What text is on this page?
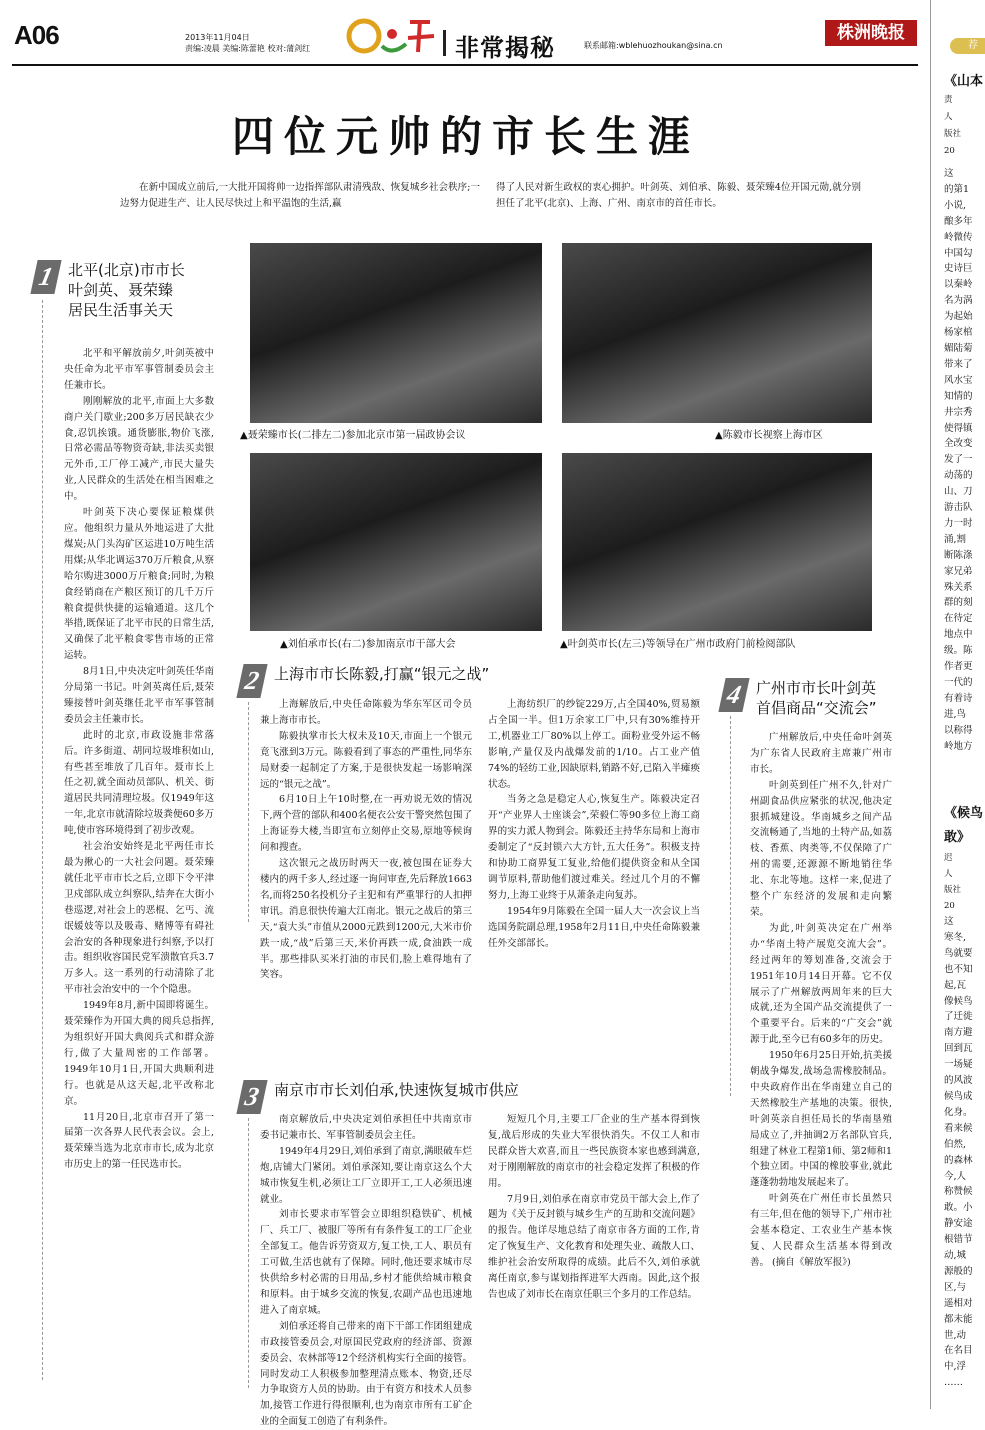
A06	2013年11月04日
责编:凌晨 美编:陈蕾艳 校对:蒲剑红	非常揭秘	联系邮箱:wblehuozhoukan@sina.cn
株洲晚报
四位元帅的市长生涯

在新中国成立前后,一大批开国将帅一边指挥部队肃清残敌、恢复城乡社会秩序;一边努力促进生产、让人民尽快过上和平温饱的生活,赢

得了人民对新生政权的衷心拥护。叶剑英、刘伯承、陈毅、聂荣臻4位开国元勋,就分别担任了北平(北京)、上海、广州、南京市的首任市长。

1 北平(北京)市市长
叶剑英、聂荣臻
居民生活事关天

北平和平解放前夕,叶剑英被中央任命为北平市军事管制委员会主任兼市长。

刚刚解放的北平,市面上大多数商户关门歇业;200多万居民缺衣少食,忍饥挨饿。通货膨胀,物价飞涨,日常必需品等物资奇缺,非法买卖银元外币,工厂停工减产,市民大量失业,人民群众的生活处在相当困难之中。

叶剑英下决心要保证粮煤供应。他组织力量从外地运进了大批煤炭;从门头沟矿区运进10万吨生活用煤;从华北调运370万斤粮食,从察哈尔购进3000万斤粮食;同时,为粮食经销商在产粮区预订的几千万斤粮食提供快捷的运输通道。这几个举措,既保证了北平市民的日常生活,又确保了北平粮食零售市场的正常运转。

8月1日,中央决定叶剑英任华南分局第一书记。叶剑英离任后,聂荣臻接替叶剑英继任北平市军事管制委员会主任兼市长。

此时的北京,市政设施非常落后。许多街道、胡同垃圾堆积如山,有些甚至堆放了几百年。聂市长上任之初,就全面动员部队、机关、街道居民共同清理垃圾。仅1949年这一年,北京市就清除垃圾粪便60多万吨,使市容环境得到了初步改观。

社会治安始终是北平两任市长最为揪心的一大社会问题。聂荣臻就任北平市市长之后,立即下令平津卫戍部队成立纠察队,结奔在大街小巷巡逻,对社会上的恶棍、乞丐、流氓媛妓等以及吸毒、赌博等有碍社会治安的各种现象进行纠察,予以打击。组织收容国民党军溃散官兵3.7万多人。这一系列的行动清除了北平市社会治安中的一个个隐患。

1949年8月,新中国即将诞生。聂荣臻作为开国大典的阅兵总指挥,为组织好开国大典阅兵式和群众游行,做了大量周密的工作部署。1949年10月1日,开国大典顺利进行。也就是从这天起,北平改称北京。

11月20日,北京市召开了第一届第一次各界人民代表会议。会上,聂荣臻当选为北京市市长,成为北京市历史上的第一任民选市长。

▲聂荣臻市长(二排左二)参加北京市第一届政协会议	▲陈毅市长视察上海市区
▲刘伯承市长(右二)参加南京市干部大会	▲叶剑英市长(左三)等领导在广州市政府门前检阅部队
2 上海市市长陈毅,打赢“银元之战”

上海解放后,中央任命陈毅为华东军区司令员兼上海市市长。

陈毅执掌市长大权未及10天,市面上一个银元竟飞涨到3万元。陈毅看到了事态的严重性,同华东局财委一起制定了方案,于是很快发起一场影响深远的“银元之战”。

6月10日上午10时整,在一再劝说无效的情况下,两个营的部队和400名便衣公安干警突然包围了上海证券大楼,当即宣布立刻停止交易,原地等候询问和搜查。

这次银元之战历时两天一夜,被包围在证券大楼内的两千多人,经过逐一询问审查,先后释放1663名,而将250名投机分子主犯和有严重罪行的人扣押审讯。消息很快传遍大江南北。银元之战后的第三天,“袁大头”市值从2000元跌到1200元,大米市价跌一成,“战”后第三天,米价再跌一成,食油跌一成半。那些排队买米打油的市民们,脸上难得地有了笑容。

上海纺织厂的纱锭229万,占全国40%,贸易额占全国一半。但1万余家工厂中,只有30%维持开工,机器业工厂80%以上停工。面粉业受外运不畅影响,产量仅及内战爆发前的1/10。占工业产值74%的轻纺工业,因缺原料,销路不好,已陷入半瘫痪状态。

当务之急是稳定人心,恢复生产。陈毅决定召开“产业界人士座谈会”,荣毅仁等90多位上海工商界的实力派人物到会。陈毅还主持华东局和上海市委制定了“反封锁六大方针,五大任务”。积极支持和协助工商界复工复业,给他们提供资金和从全国调节原料,帮助他们渡过难关。经过几个月的不懈努力,上海工业终于从萧条走向复苏。

1954年9月陈毅在全国一届人大一次会议上当选国务院副总理,1958年2月11日,中央任命陈毅兼任外交部部长。

3 南京市市长刘伯承,快速恢复城市供应

南京解放后,中央决定刘伯承担任中共南京市委书记兼市长、军事管制委员会主任。

1949年4月29日,刘伯承到了南京,满眼破车烂炮,店铺大门紧闭。刘伯承深知,要让南京这么个大城市恢复生机,必须让工厂立即开工,工人必须迅速就业。

刘市长要求市军管会立即组织稳铁矿、机械厂、兵工厂、被服厂等所有有条件复工的工厂企业全部复工。他告诉劳资双方,复工快,工人、职员有工可做,生活也就有了保障。同时,他还要求城市尽快供给乡村必需的日用品,乡村才能供给城市粮食和原料。由于城乡交流的恢复,农副产品也迅速地进入了南京城。

刘伯承还将自己带来的南下干部工作团组建成市政接管委员会,对原国民党政府的经济部、资源委员会、农林部等12个经济机构实行全面的接管。同时发动工人积极参加整理清点账本、物资,还尽力争取资方人员的协助。由于有资方和技术人员参加,接管工作进行得很顺利,也为南京市所有工矿企业的全面复工创造了有利条件。

短短几个月,主要工厂企业的生产基本得到恢复,战后形成的失业大军很快消失。不仅工人和市民群众皆大欢喜,而且一些民族资本家也感到满意,对于刚刚解放的南京市的社会稳定发挥了积极的作用。

7月9日,刘伯承在南京市党员干部大会上,作了题为《关于反封锁与城乡生产的互助和交流问题》的报告。他详尽地总结了南京市各方面的工作,肯定了恢复生产、文化教育和处理失业、疏散人口、维护社会治安所取得的成绩。此后不久,刘伯承就离任南京,参与谋划指挥进军大西南。因此,这个报告也成了刘市长在南京任职三个多月的工作总结。

4 广州市市长叶剑英
首倡商品“交流会”

广州解放后,中央任命叶剑英为广东省人民政府主席兼广州市市长。

叶剑英到任广州不久,针对广州副食品供应紧张的状况,他决定狠抓城建设。华南城乡之间产品交流畅通了,当地的土特产品,如荔枝、香蕉、肉类等,不仅保障了广州的需要,还源源不断地销往华北、东北等地。这样一来,促进了整个广东经济的发展和走向繁荣。

为此,叶剑英决定在广州举办“华南土特产展览交流大会”。经过两年的筹划准备,交流会于1951年10月14日开幕。它不仅展示了广州解放两周年来的巨大成就,还为全国产品交流提供了一个重要平台。后来的“广交会”就源于此,至今已有60多年的历史。

1950年6月25日开始,抗美援朝战争爆发,战场急需橡胶制品。中央政府作出在华南建立自己的天然橡胶生产基地的决策。很快,叶剑英亲自担任局长的华南垦殖局成立了,并抽调2万名部队官兵,组建了林业工程第1师、第2师和1个独立团。中国的橡胶事业,就此蓬蓬勃勃地发展起来了。

叶剑英在广州任市长虽然只有三年,但在他的领导下,广州市社会基本稳定、工农业生产基本恢复、人民群众生活基本得到改善。 (摘自《解放军报》)

荐书
《山本
责
人
版社
20
这
的第1
小说,
酿多年
岭微传
中国勾
史诗巨
以秦岭
名为涡
为起始
杨家棺
媚陆菊
带来了
风水宝
知情的
井宗秀
使得镇
全改变
发了一
动荡的
山、刀
游击队
力一时
涌,割
断陈涤
家兄弟
殊关系
群的刻
在待定
地点中
级。陈
作者更
一代的
有着诗
进,鸟
以称得
岭地方
《候鸟
敢》
迟
人
版社
20
这
寒冬,
鸟就要
也不知
起,瓦
像候鸟
了迁徙
南方避
回到瓦
一场疑
的风波
候鸟成
化身。
看来候
伯然,
的森林
今,人
称赞候
敢。小
静安途
根错节
动,城
源般的
区,与
遥相对
都未能
世,动
在名目
中,浮
……
